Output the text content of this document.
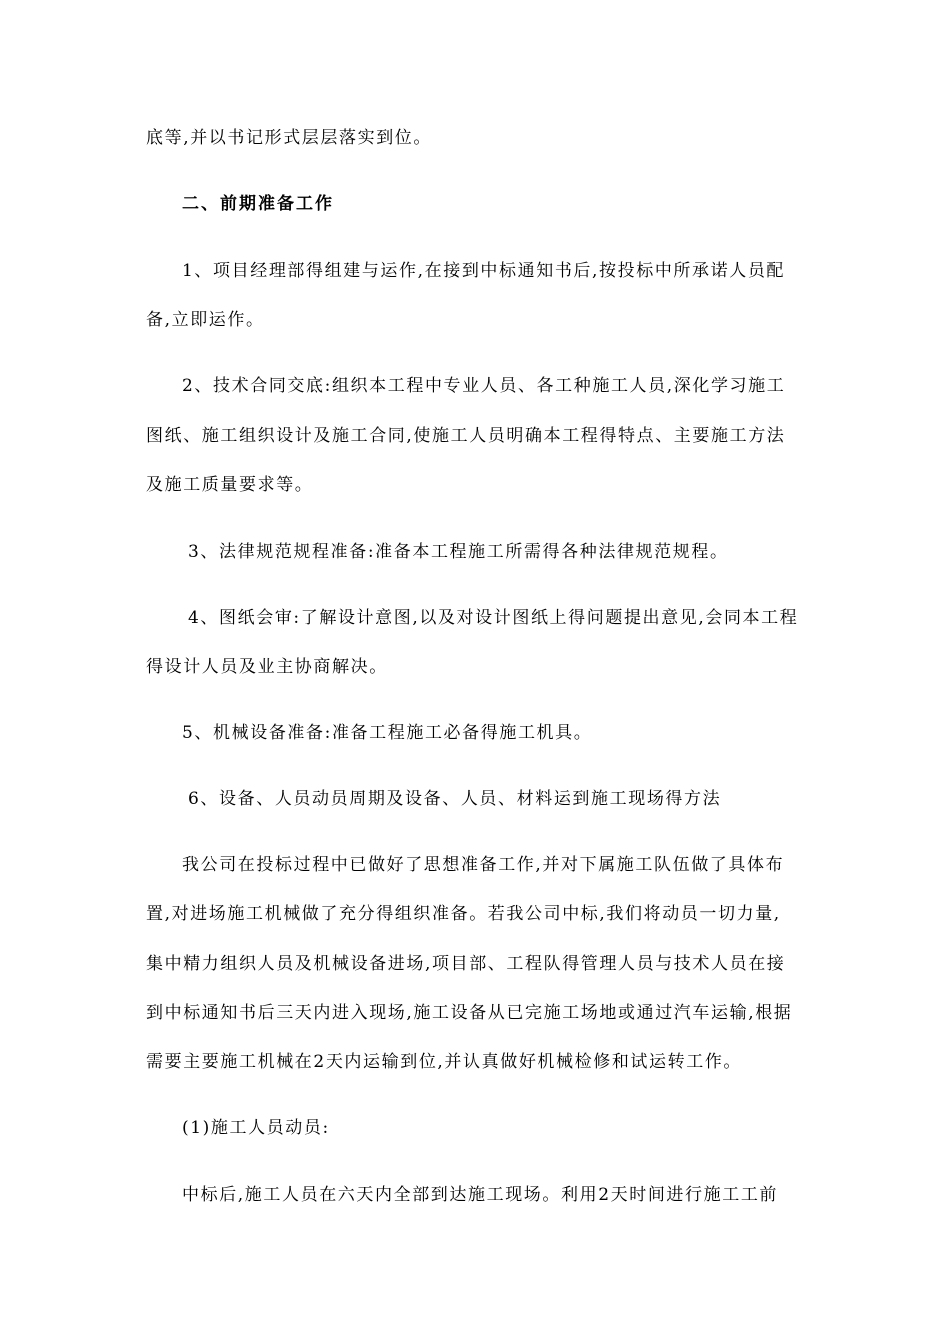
底等,并以书记形式层层落实到位。
二、前期准备工作
1、项目经理部得组建与运作,在接到中标通知书后,按投标中所承诺人员配
备,立即运作。
2、技术合同交底:组织本工程中专业人员、各工种施工人员,深化学习施工
图纸、施工组织设计及施工合同,使施工人员明确本工程得特点、主要施工方法
及施工质量要求等。
3、法律规范规程准备:准备本工程施工所需得各种法律规范规程。
4、图纸会审:了解设计意图,以及对设计图纸上得问题提出意见,会同本工程
得设计人员及业主协商解决。
5、机械设备准备:准备工程施工必备得施工机具。
6、设备、人员动员周期及设备、人员、材料运到施工现场得方法
我公司在投标过程中已做好了思想准备工作,并对下属施工队伍做了具体布
置,对进场施工机械做了充分得组织准备。若我公司中标,我们将动员一切力量,
集中精力组织人员及机械设备进场,项目部、工程队得管理人员与技术人员在接
到中标通知书后三天内进入现场,施工设备从已完施工场地或通过汽车运输,根据
需要主要施工机械在2天内运输到位,并认真做好机械检修和试运转工作。
(1)施工人员动员:
中标后,施工人员在六天内全部到达施工现场。利用2天时间进行施工工前
